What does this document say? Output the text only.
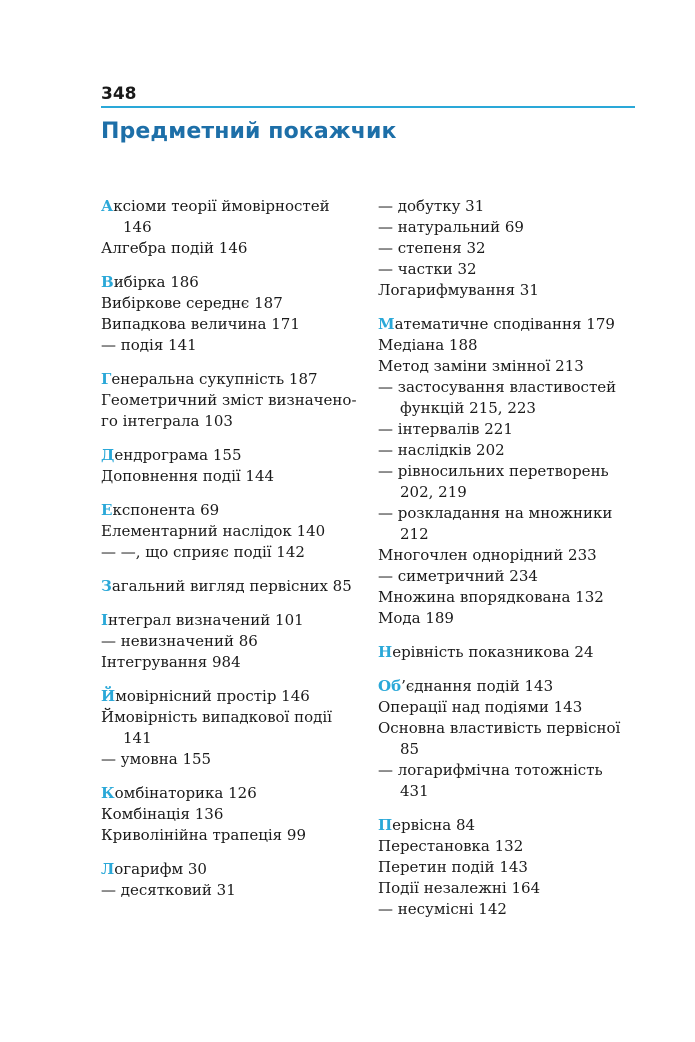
348
Предметний покажчик
Аксіоми теорії ймовірностей
146
Алгебра подій 146
Вибірка 186
Вибіркове середнє 187
Випадкова величина 171
— подія 141
Генеральна сукупність 187
Геометричний зміст визначено-
го інтеграла 103
Дендрограма 155
Доповнення події 144
Експонента 69
Елементарний наслідок 140
— —, що сприяє події 142
Загальний вигляд первісних 85
Інтеграл визначений 101
— невизначений 86
Інтегрування 984
Ймовірнісний простір 146
Ймовірність випадкової події
141
— умовна 155
Комбінаторика 126
Комбінація 136
Криволінійна трапеція 99
Логарифм 30
— десятковий 31
— добутку 31
— натуральний 69
— степеня 32
— частки 32
Логарифмування 31
Математичне сподівання 179
Медіана 188
Метод заміни змінної 213
— застосування властивостей
функцій 215, 223
— інтервалів 221
— наслідків 202
— рівносильних перетворень
202, 219
— розкладання на множники
212
Многочлен однорідний 233
— симетричний 234
Множина впорядкована 132
Мода 189
Нерівність показникова 24
Об’єднання подій 143
Операції над подіями 143
Основна властивість первісної
85
— логарифмічна тотожність
431
Первісна 84
Перестановка 132
Перетин подій 143
Події незалежні 164
— несумісні 142
